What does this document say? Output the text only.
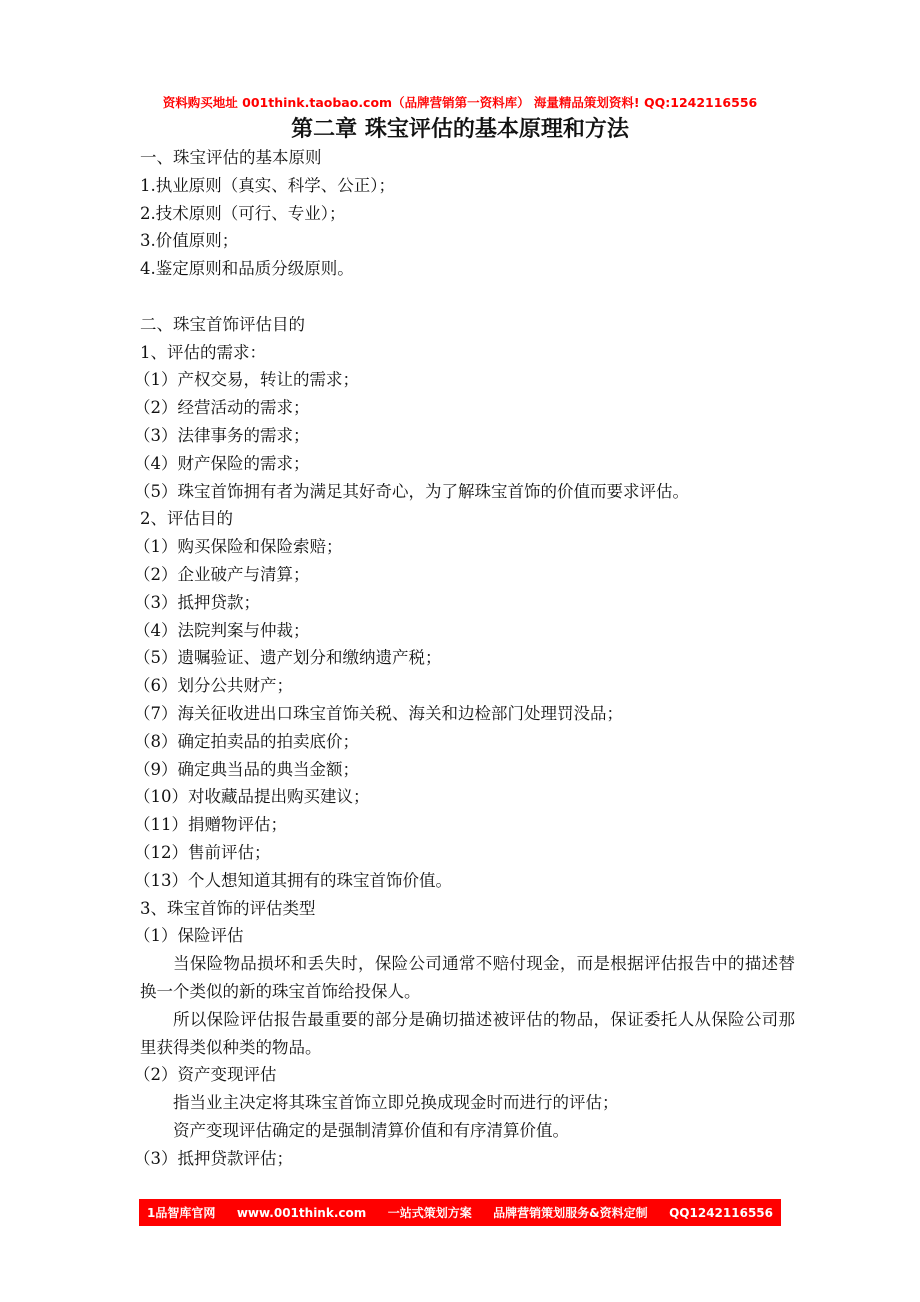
资料购买地址 001think.taobao.com（品牌营销第一资料库） 海量精品策划资料! QQ:1242116556
第二章 珠宝评估的基本原理和方法
一、珠宝评估的基本原则
1.执业原则（真实、科学、公正）；
2.技术原则（可行、专业）；
3.价值原则；
4.鉴定原则和品质分级原则。
二、珠宝首饰评估目的
1、评估的需求：
（1）产权交易，转让的需求；
（2）经营活动的需求；
（3）法律事务的需求；
（4）财产保险的需求；
（5）珠宝首饰拥有者为满足其好奇心，为了解珠宝首饰的价值而要求评估。
2、评估目的
（1）购买保险和保险索赔；
（2）企业破产与清算；
（3）抵押贷款；
（4）法院判案与仲裁；
（5）遗嘱验证、遗产划分和缴纳遗产税；
（6）划分公共财产；
（7）海关征收进出口珠宝首饰关税、海关和边检部门处理罚没品；
（8）确定拍卖品的拍卖底价；
（9）确定典当品的典当金额；
（10）对收藏品提出购买建议；
（11）捐赠物评估；
（12）售前评估；
（13）个人想知道其拥有的珠宝首饰价值。
3、珠宝首饰的评估类型
（1）保险评估
当保险物品损坏和丢失时，保险公司通常不赔付现金，而是根据评估报告中的描述替换一个类似的新的珠宝首饰给投保人。
所以保险评估报告最重要的部分是确切描述被评估的物品，保证委托人从保险公司那里获得类似种类的物品。
（2）资产变现评估
指当业主决定将其珠宝首饰立即兑换成现金时而进行的评估；
资产变现评估确定的是强制清算价值和有序清算价值。
（3）抵押贷款评估；
1品智库官网 www.001think.com 一站式策划方案 品牌营销策划服务&资料定制 QQ1242116556
